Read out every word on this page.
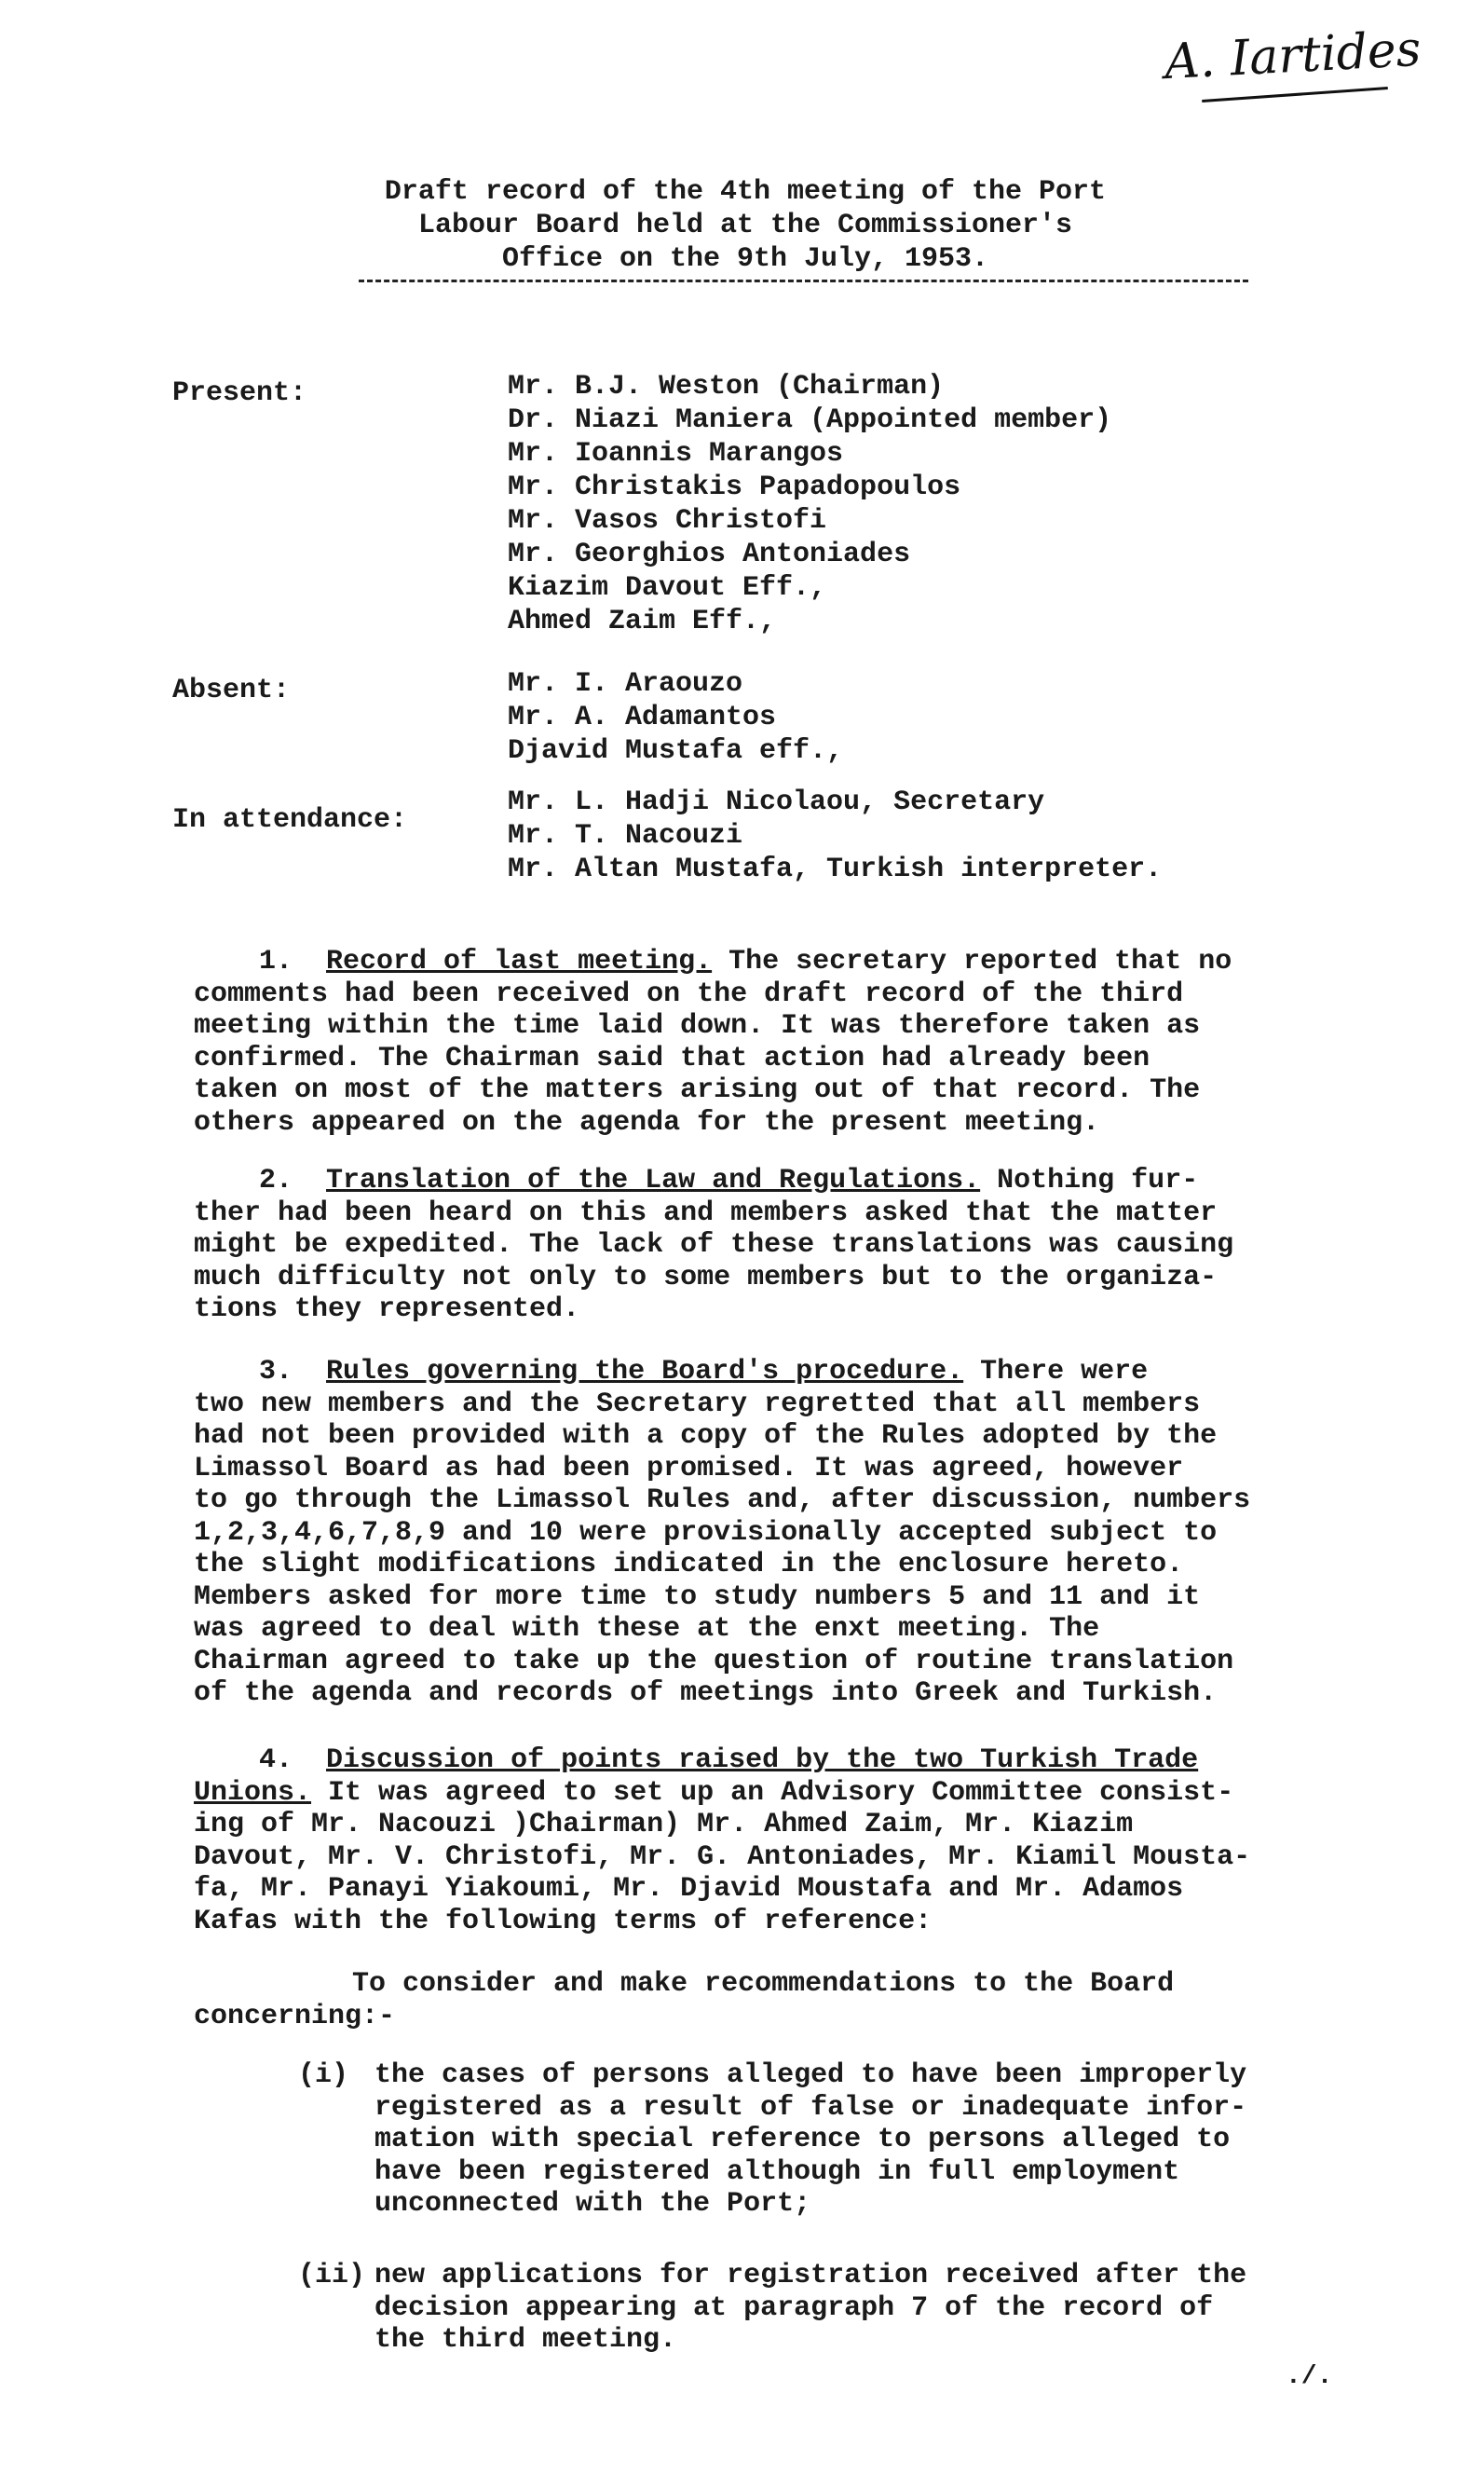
A. Iartides
Draft record of the 4th meeting of the Port
Labour Board held at the Commissioner's
Office on the 9th July, 1953.
Present:	Mr. B.J. Weston (Chairman)
Dr. Niazi Maniera (Appointed member)
Mr. Ioannis Marangos
Mr. Christakis Papadopoulos
Mr. Vasos Christofi
Mr. Georghios Antoniades
Kiazim Davout Eff.,
Ahmed Zaim Eff.,
Absent:	Mr. I. Araouzo
Mr. A. Adamantos
Djavid Mustafa eff.,
In attendance:
Mr. L. Hadji Nicolaou, Secretary
Mr. T. Nacouzi
Mr. Altan Mustafa, Turkish interpreter.
1. Record of last meeting. The secretary reported that no
comments had been received on the draft record of the third
meeting within the time laid down. It was therefore taken as
confirmed. The Chairman said that action had already been
taken on most of the matters arising out of that record. The
others appeared on the agenda for the present meeting.
2. Translation of the Law and Regulations. Nothing fur-
ther had been heard on this and members asked that the matter
might be expedited. The lack of these translations was causing
much difficulty not only to some members but to the organiza-
tions they represented.
3. Rules governing the Board's procedure. There were
two new members and the Secretary regretted that all members
had not been provided with a copy of the Rules adopted by the
Limassol Board as had been promised. It was agreed, however
to go through the Limassol Rules and, after discussion, numbers
1,2,3,4,6,7,8,9 and 10 were provisionally accepted subject to
the slight modifications indicated in the enclosure hereto.
Members asked for more time to study numbers 5 and 11 and it
was agreed to deal with these at the enxt meeting. The
Chairman agreed to take up the question of routine translation
of the agenda and records of meetings into Greek and Turkish.
4. Discussion of points raised by the two Turkish Trade
Unions. It was agreed to set up an Advisory Committee consist-
ing of Mr. Nacouzi )Chairman) Mr. Ahmed Zaim, Mr. Kiazim
Davout, Mr. V. Christofi, Mr. G. Antoniades, Mr. Kiamil Mousta-
fa, Mr. Panayi Yiakoumi, Mr. Djavid Moustafa and Mr. Adamos
Kafas with the following terms of reference:
To consider and make recommendations to the Board
concerning:-
(i) the cases of persons alleged to have been improperly
registered as a result of false or inadequate infor-
mation with special reference to persons alleged to
have been registered although in full employment
unconnected with the Port;
(ii) new applications for registration received after the
decision appearing at paragraph 7 of the record of
the third meeting.
./.
